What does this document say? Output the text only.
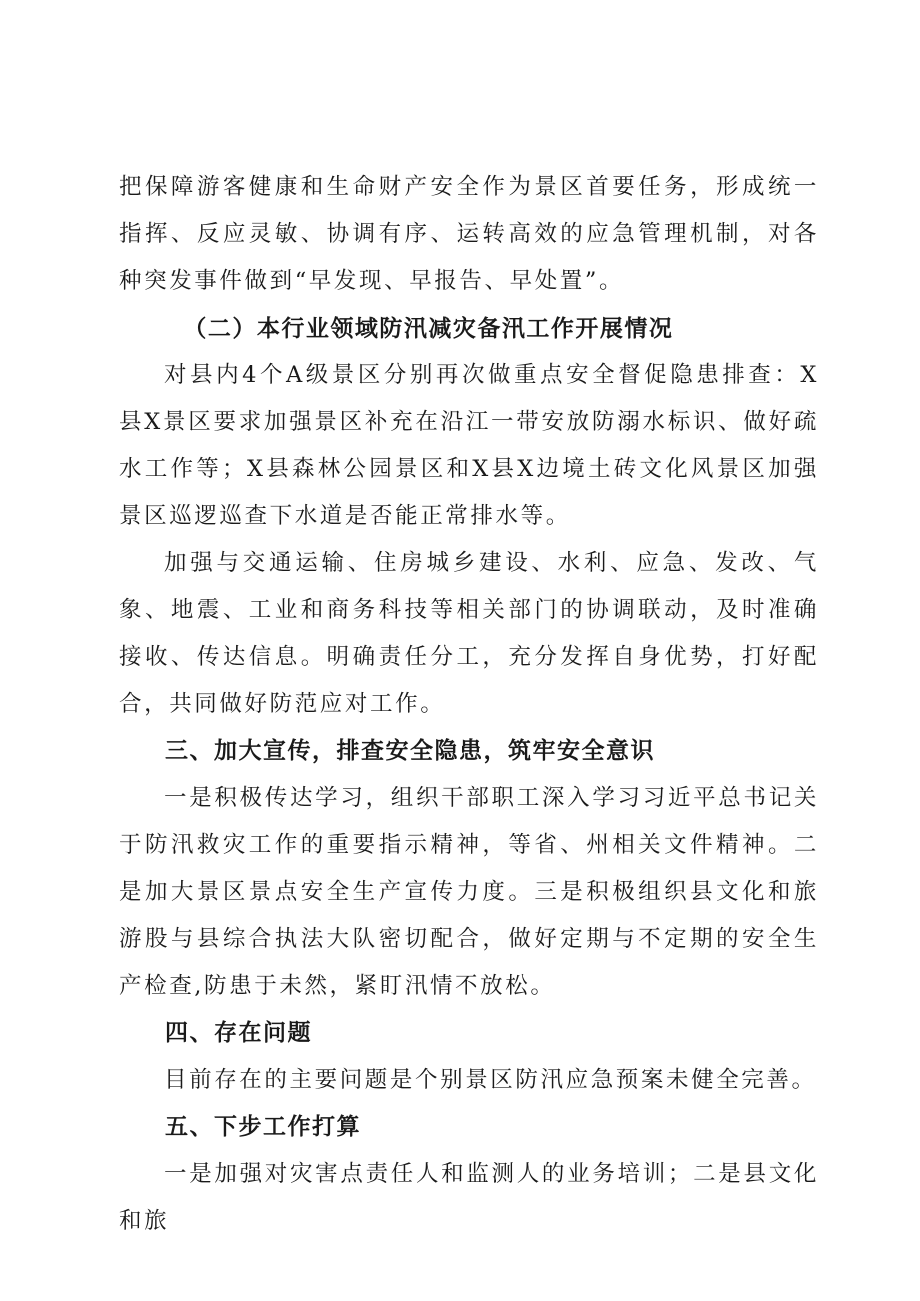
把保障游客健康和生命财产安全作为景区首要任务，形成统一指挥、反应灵敏、协调有序、运转高效的应急管理机制，对各种突发事件做到“早发现、早报告、早处置”。

（二）本行业领域防汛减灾备汛工作开展情况

对县内4个A级景区分别再次做重点安全督促隐患排查：X县X景区要求加强景区补充在沿江一带安放防溺水标识、做好疏水工作等；X县森林公园景区和X县X边境土砖文化风景区加强景区巡逻巡查下水道是否能正常排水等。

加强与交通运输、住房城乡建设、水利、应急、发改、气象、地震、工业和商务科技等相关部门的协调联动，及时准确接收、传达信息。明确责任分工，充分发挥自身优势，打好配合，共同做好防范应对工作。

三、加大宣传，排查安全隐患，筑牢安全意识

一是积极传达学习，组织干部职工深入学习习近平总书记关于防汛救灾工作的重要指示精神，等省、州相关文件精神。二是加大景区景点安全生产宣传力度。三是积极组织县文化和旅游股与县综合执法大队密切配合，做好定期与不定期的安全生产检查,防患于未然，紧盯汛情不放松。

四、存在问题

目前存在的主要问题是个别景区防汛应急预案未健全完善。

五、下步工作打算

一是加强对灾害点责任人和监测人的业务培训；二是县文化和旅
